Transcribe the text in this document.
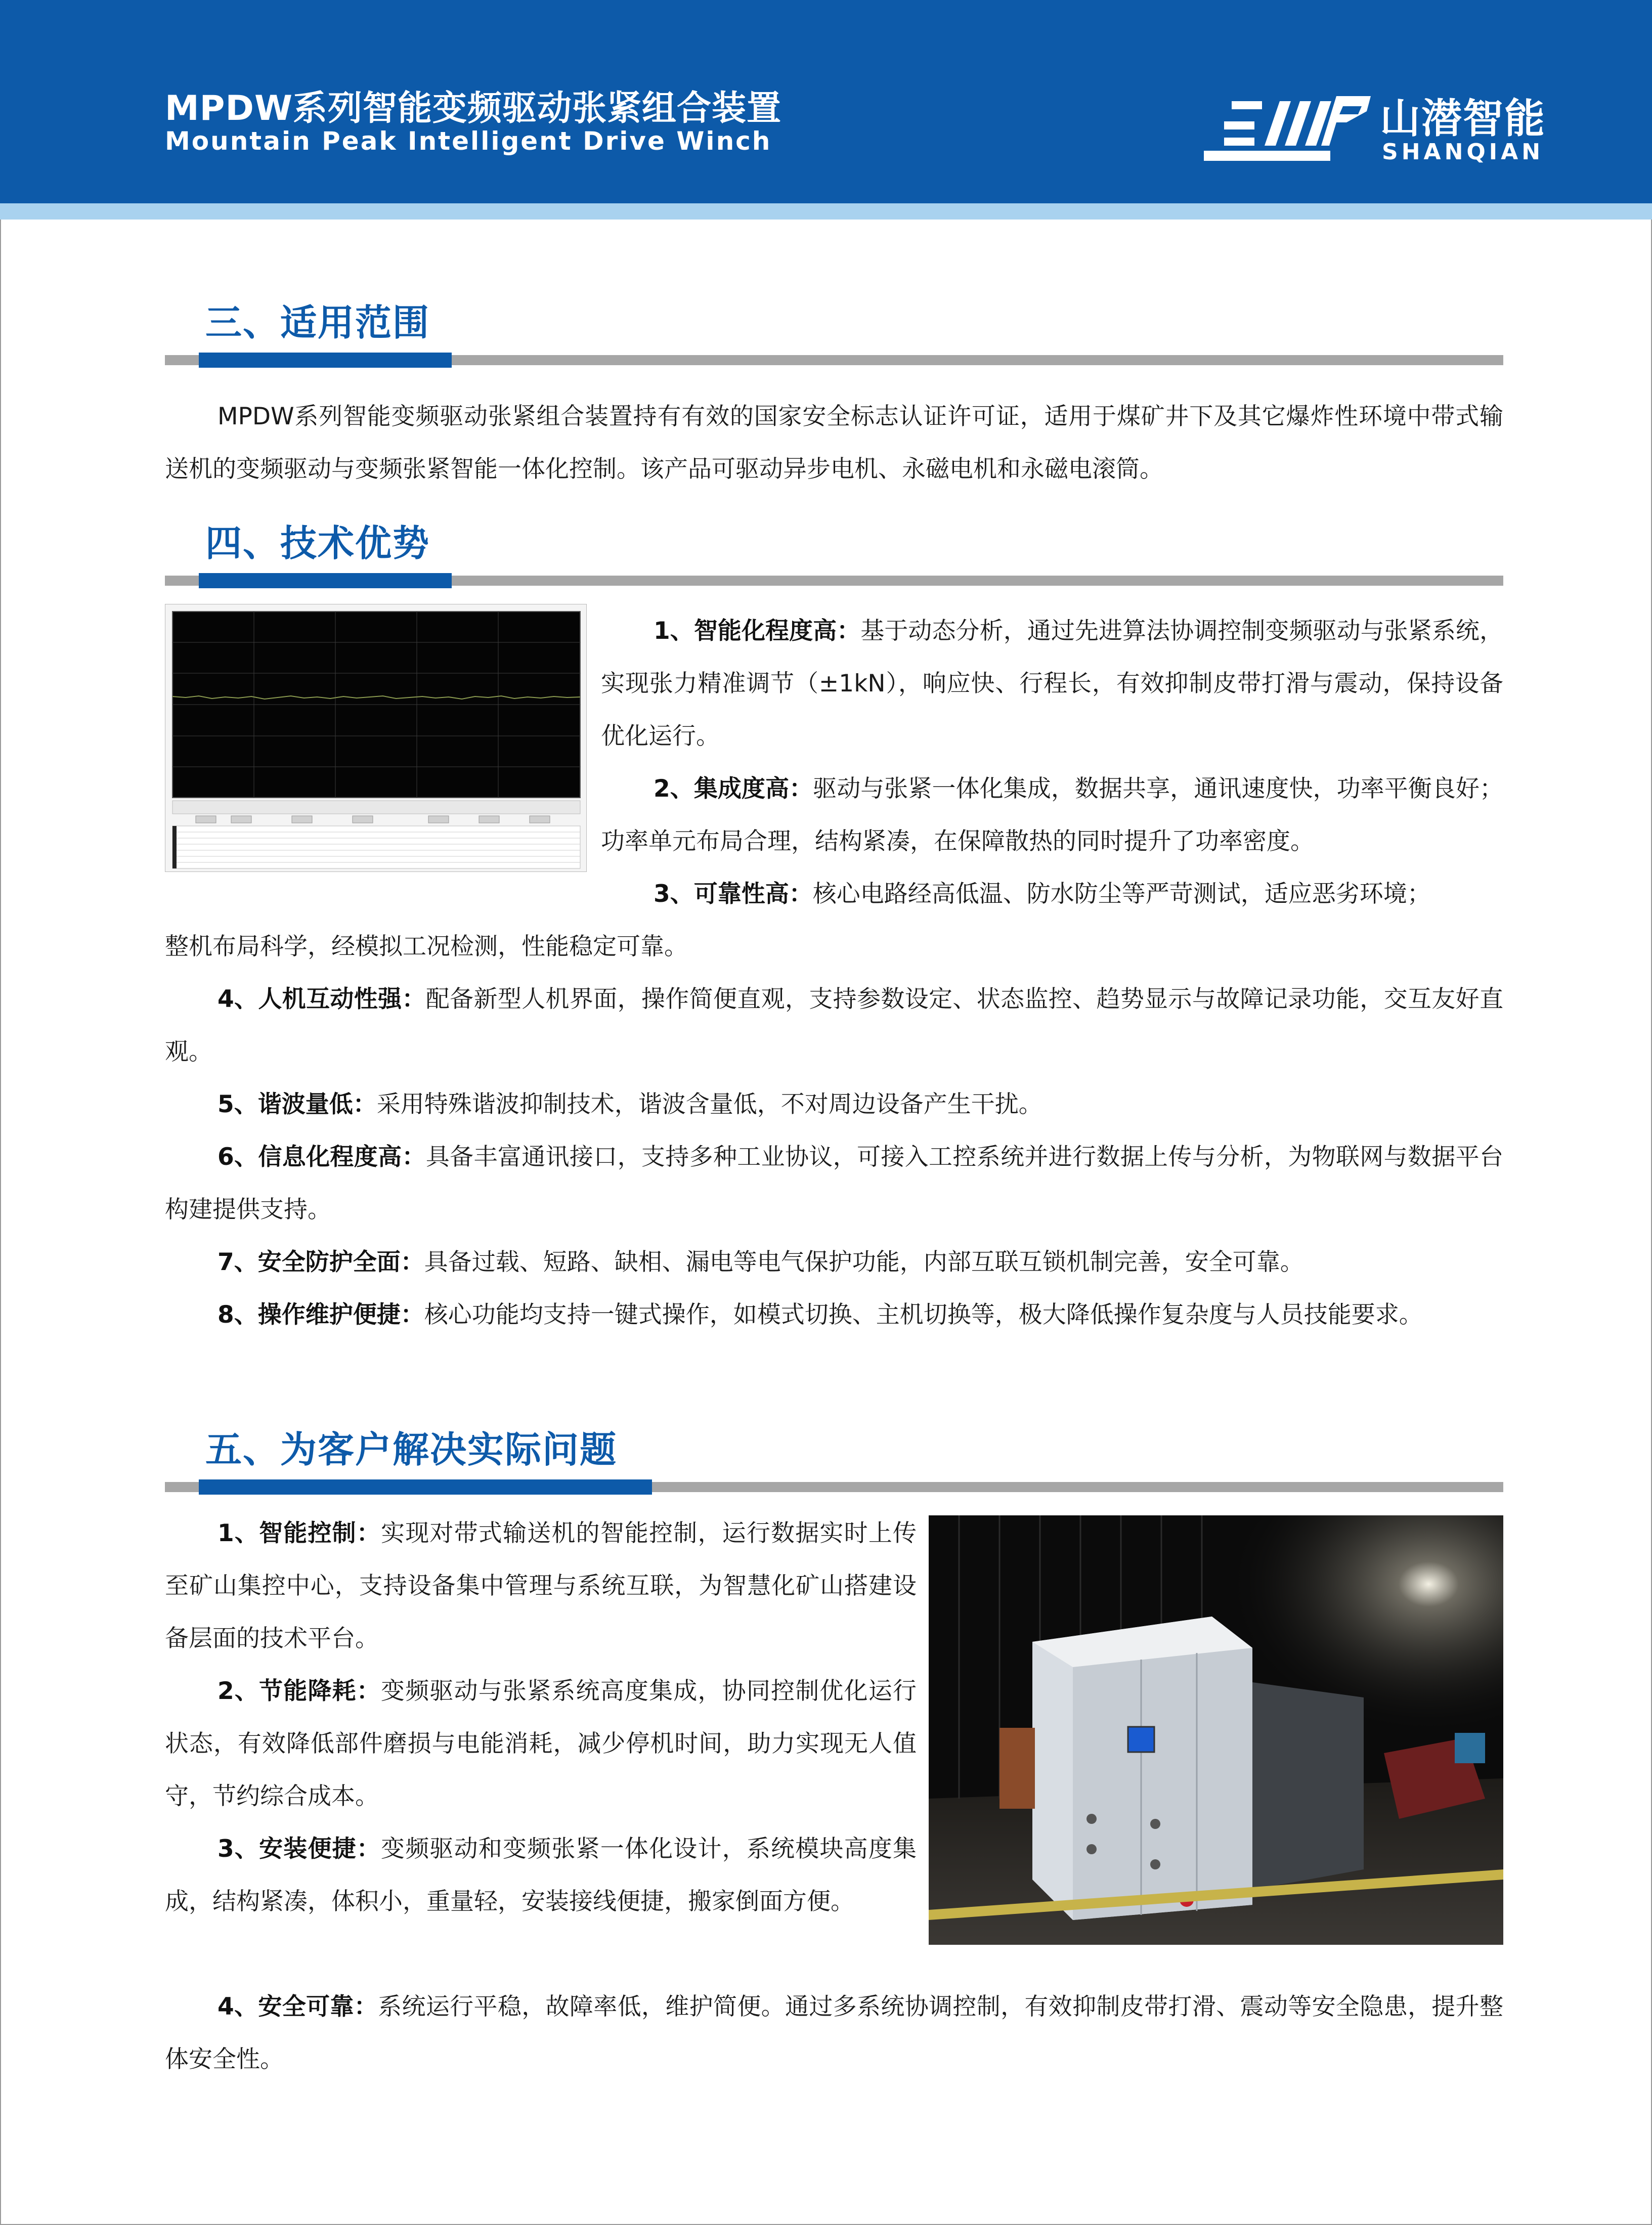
MPDW系列智能变频驱动张紧组合装置
Mountain Peak Intelligent Drive Winch	山潜智能
SHANQIAN
三、适用范围

MPDW系列智能变频驱动张紧组合装置持有有效的国家安全标志认证许可证，适用于煤矿井下及其它爆炸性环境中带式输送机的变频驱动与变频张紧智能一体化控制。该产品可驱动异步电机、永磁电机和永磁电滚筒。

四、技术优势

1、智能化程度高：基于动态分析，通过先进算法协调控制变频驱动与张紧系统，实现张力精准调节（±1kN），响应快、行程长，有效抑制皮带打滑与震动，保持设备优化运行。

2、集成度高：驱动与张紧一体化集成，数据共享，通讯速度快，功率平衡良好；功率单元布局合理，结构紧凑，在保障散热的同时提升了功率密度。

3、可靠性高：核心电路经高低温、防水防尘等严苛测试，适应恶劣环境；

整机布局科学，经模拟工况检测，性能稳定可靠。

4、人机互动性强：配备新型人机界面，操作简便直观，支持参数设定、状态监控、趋势显示与故障记录功能，交互友好直观。

5、谐波量低：采用特殊谐波抑制技术，谐波含量低，不对周边设备产生干扰。

6、信息化程度高：具备丰富通讯接口，支持多种工业协议，可接入工控系统并进行数据上传与分析，为物联网与数据平台构建提供支持。

7、安全防护全面：具备过载、短路、缺相、漏电等电气保护功能，内部互联互锁机制完善，安全可靠。

8、操作维护便捷：核心功能均支持一键式操作，如模式切换、主机切换等，极大降低操作复杂度与人员技能要求。

五、为客户解决实际问题

1、智能控制：实现对带式输送机的智能控制，运行数据实时上传至矿山集控中心，支持设备集中管理与系统互联，为智慧化矿山搭建设备层面的技术平台。

2、节能降耗：变频驱动与张紧系统高度集成，协同控制优化运行状态，有效降低部件磨损与电能消耗，减少停机时间，助力实现无人值守，节约综合成本。

3、安装便捷：变频驱动和变频张紧一体化设计，系统模块高度集成，结构紧凑，体积小，重量轻，安装接线便捷，搬家倒面方便。

4、安全可靠：系统运行平稳，故障率低，维护简便。通过多系统协调控制，有效抑制皮带打滑、震动等安全隐患，提升整体安全性。
